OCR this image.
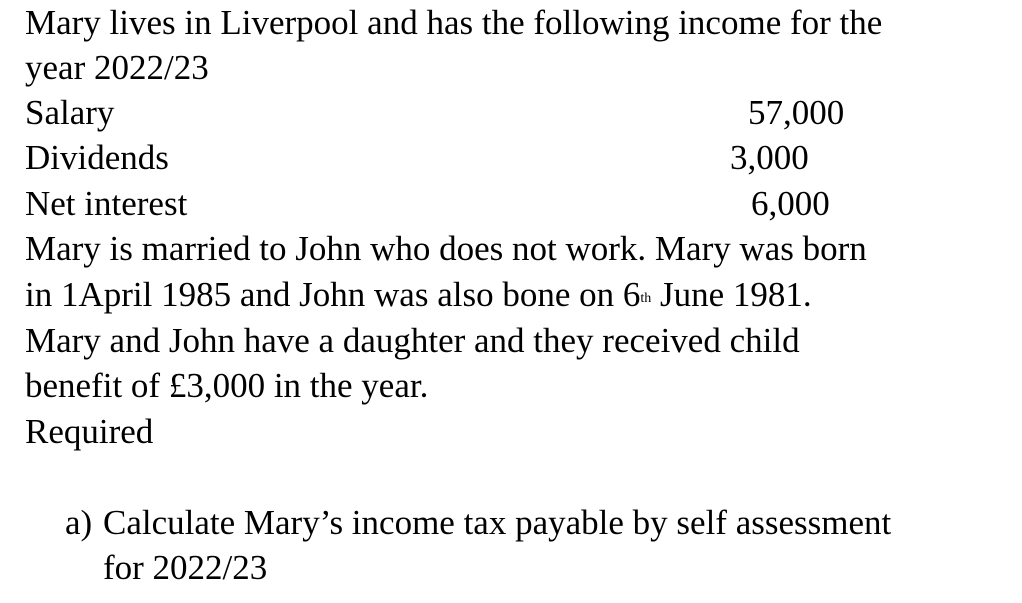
Mary lives in Liverpool and has the following income for the
year 2022/23
Salary	57,000
Dividends	3,000
Net interest	6,000
Mary is married to John who does not work. Mary was born
in 1April 1985 and John was also bone on 6th June 1981.
Mary and John have a daughter and they received child
benefit of £3,000 in the year.
Required
a) Calculate Mary’s income tax payable by self assessment
for 2022/23
